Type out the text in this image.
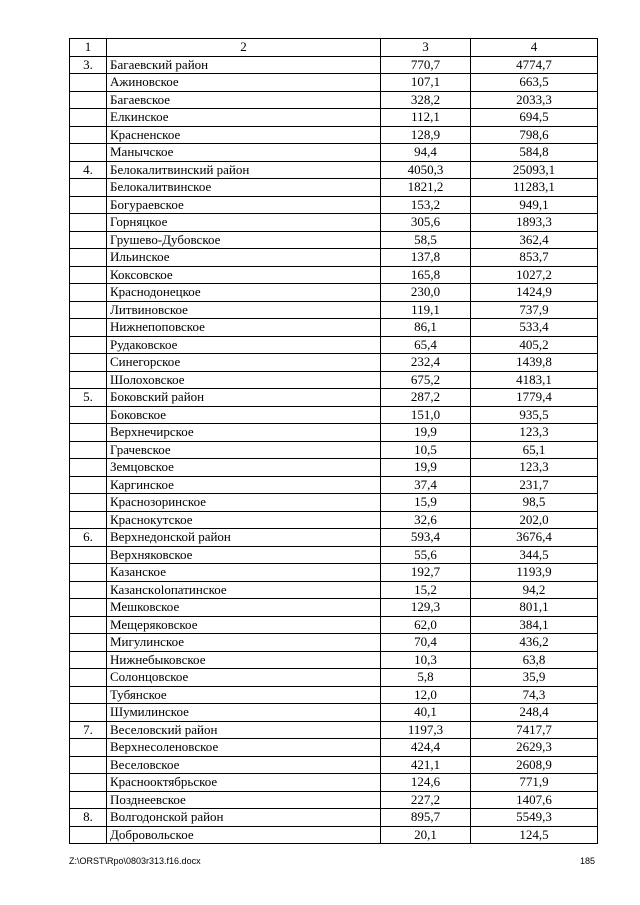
1	2	3	4
3.	Багаевский район	770,7	4774,7
	Ажиновское	107,1	663,5
	Багаевское	328,2	2033,3
	Елкинское	112,1	694,5
	Красненское	128,9	798,6
	Манычское	94,4	584,8
4.	Белокалитвинский район	4050,3	25093,1
	Белокалитвинское	1821,2	11283,1
	Богураевское	153,2	949,1
	Горняцкое	305,6	1893,3
	Грушево-Дубовское	58,5	362,4
	Ильинское	137,8	853,7
	Коксовское	165,8	1027,2
	Краснодонецкое	230,0	1424,9
	Литвиновское	119,1	737,9
	Нижнепоповское	86,1	533,4
	Рудаковское	65,4	405,2
	Синегорское	232,4	1439,8
	Шолоховское	675,2	4183,1
5.	Боковский район	287,2	1779,4
	Боковское	151,0	935,5
	Верхнечирское	19,9	123,3
	Грачевское	10,5	65,1
	Земцовское	19,9	123,3
	Каргинское	37,4	231,7
	Краснозоринское	15,9	98,5
	Краснокутское	32,6	202,0
6.	Верхнедонской район	593,4	3676,4
	Верхняковское	55,6	344,5
	Казанское	192,7	1193,9
	Казанскolопатинское	15,2	94,2
	Мешковское	129,3	801,1
	Мещеряковское	62,0	384,1
	Мигулинское	70,4	436,2
	Нижнебыковское	10,3	63,8
	Солонцовское	5,8	35,9
	Тубянское	12,0	74,3
	Шумилинское	40,1	248,4
7.	Веселовский район	1197,3	7417,7
	Верхнесоленовское	424,4	2629,3
	Веселовское	421,1	2608,9
	Краснооктябрьское	124,6	771,9
	Позднеевское	227,2	1407,6
8.	Волгодонской район	895,7	5549,3
	Добровольское	20,1	124,5
Z:\ORST\Rpo\0803r313.f16.docx	185
